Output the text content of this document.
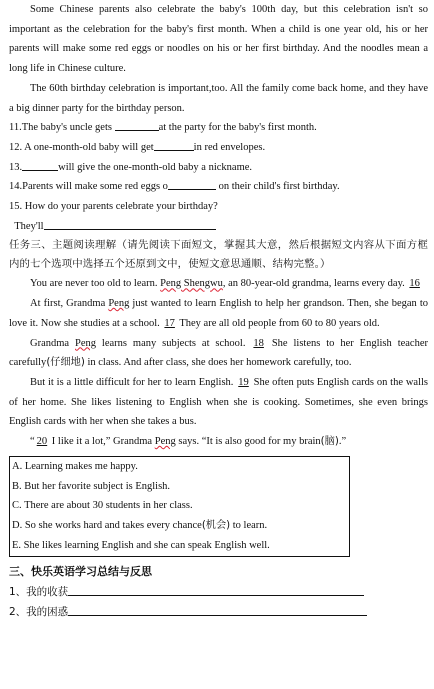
Some Chinese parents also celebrate the baby's 100th day, but this celebration isn't so important as the celebration for the baby's first month. When a child is one year old, his or her parents will make some red eggs or noodles on his or her first birthday. And the noodles mean a long life in Chinese culture.

The 60th birthday celebration is important,too. All the family come back home, and they have a big dinner party for the birthday person.

11.The baby's uncle gets	at the party for the baby's first month.

12. A one-month-old baby will get	in red envelopes.

13.	will give the one-month-old baby a nickname.

14.Parents will make some red eggs o	on their child's first birthday.

15. How do your parents celebrate your birthday?

They'll

任务三、主题阅读理解（请先阅读下面短文，掌握其大意，然后根据短文内容从下面方框内的七个选项中选择五个还原到文中，使短文意思通顺、结构完整。）

You are never too old to learn. Peng Shengwu, an 80-year-old grandma, learns every day. 16

At first, Grandma Peng just wanted to learn English to help her grandson. Then, she began to love it. Now she studies at a school. 17 They are all old people from 60 to 80 years old.

Grandma Peng learns many subjects at school. 18 She listens to her English teacher carefully(仔细地) in class. And after class, she does her homework carefully, too.

But it is a little difficult for her to learn English. 19 She often puts English cards on the walls of her home. She likes listening to English when she is cooking. Sometimes, she even brings English cards with her when she takes a bus.

“ 20 I like it a lot,” Grandma Peng says. “It is also good for my brain(脑).”

A. Learning makes me happy.

B. But her favorite subject is English.

C. There are about 30 students in her class.

D. So she works hard and takes every chance(机会) to learn.

E. She likes learning English and she can speak English well.

三、快乐英语学习总结与反思

1、我的收获

2、我的困惑
